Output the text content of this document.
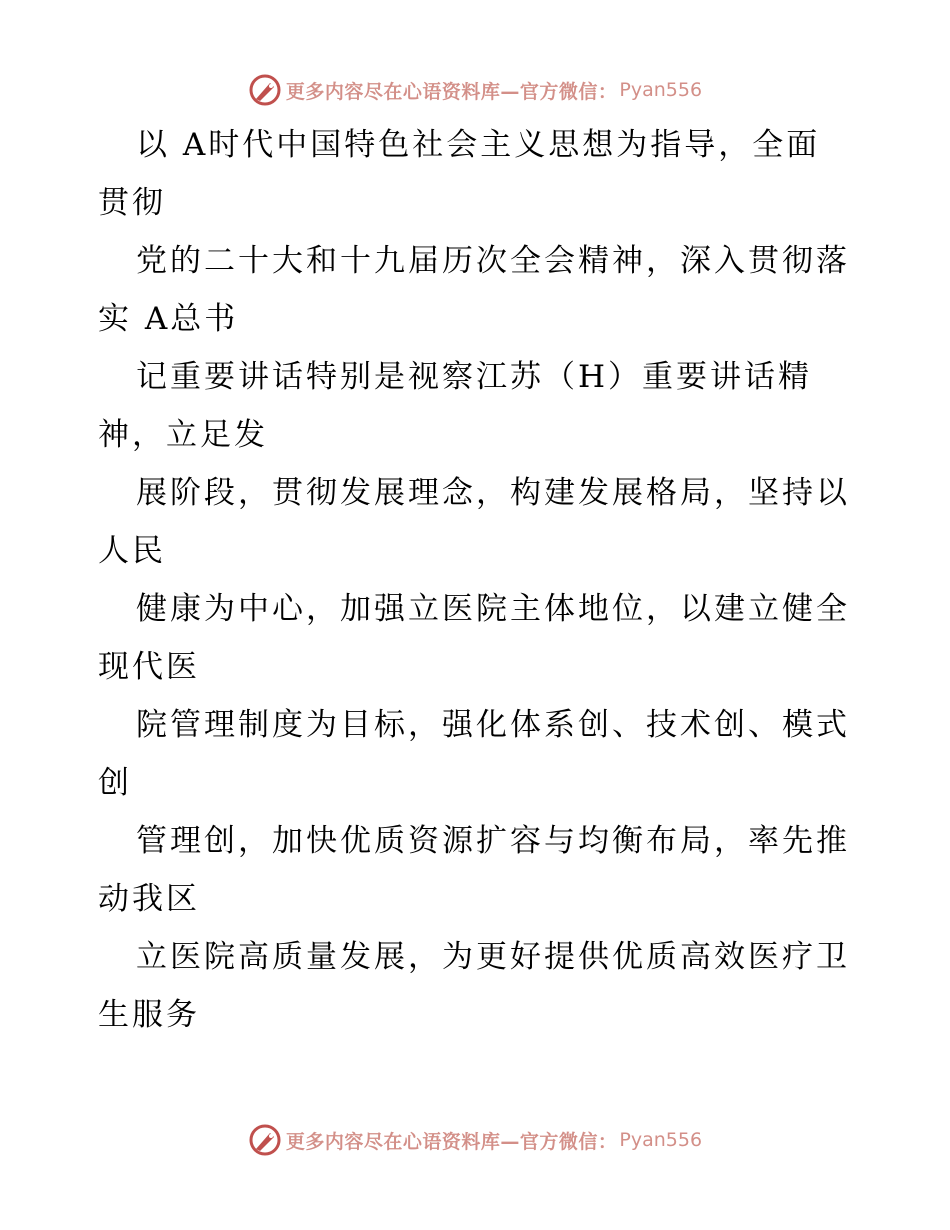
更多内容尽在心语资料库—官方微信： Pyan556
以 A时代中国特色社会主义思想为指导，全面
贯彻
党的二十大和十九届历次全会精神，深入贯彻落
实 A总书
记重要讲话特别是视察江苏（H）重要讲话精
神，立足发
展阶段，贯彻发展理念，构建发展格局，坚持以
人民
健康为中心，加强立医院主体地位，以建立健全
现代医
院管理制度为目标，强化体系创、技术创、模式
创
管理创，加快优质资源扩容与均衡布局，率先推
动我区
立医院高质量发展，为更好提供优质高效医疗卫
生服务
更多内容尽在心语资料库—官方微信： Pyan556
